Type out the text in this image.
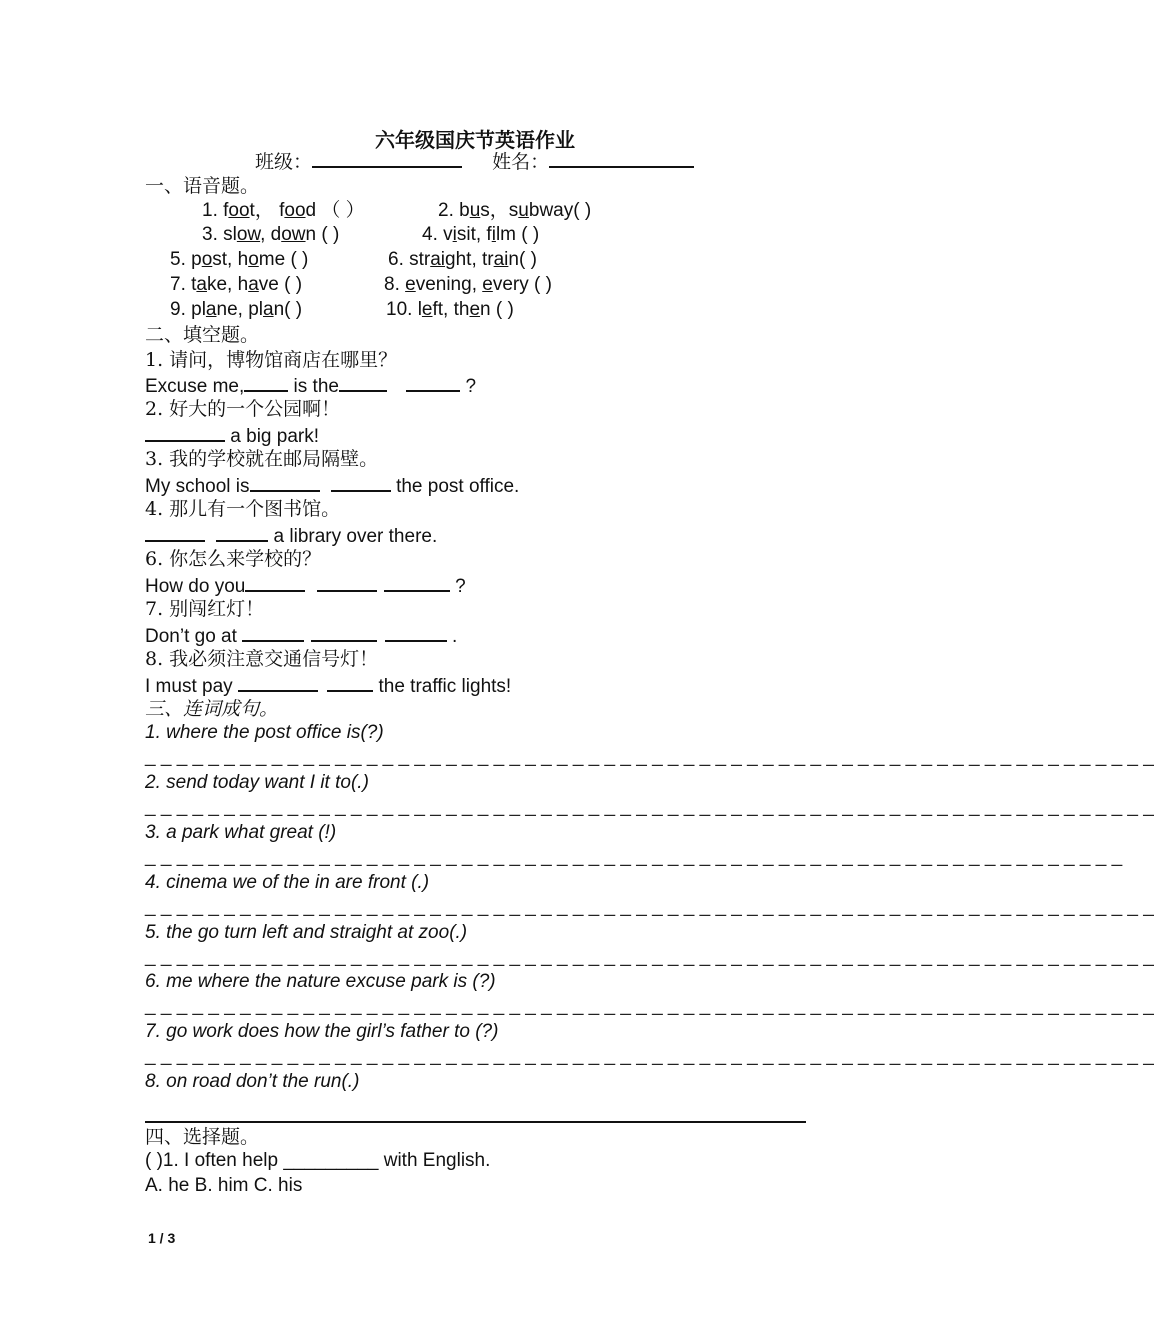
六年级国庆节英语作业
班级：	姓名：
一、语音题。
1. foot， food （ ）	2. bus，subway( )
3. slow, down ( )	4. visit, film ( )
5. post, home ( )	6. straight, train( )
7. take, have ( )	8. evening, every ( )
9. plane, plan( )	10. left, then ( )
二、填空题。
1. 请问，博物馆商店在哪里？
Excuse me, is the	?
2. 好大的一个公园啊！
a big park!
3. 我的学校就在邮局隔壁。
My school is	the post office.
4. 那儿有一个图书馆。
a library over there.
6. 你怎么来学校的？
How do you	?
7. 别闯红灯！
Don’t go at	.
8. 我必须注意交通信号灯！
I must pay	the traffic lights!
三、连词成句。
1. where the post office is(?)
_ _ _ _ _ _ _ _ _ _ _ _ _ _ _ _ _ _ _ _ _ _ _ _ _ _ _ _ _ _ _ _ _ _ _ _ _ _ _ _ _ _ _ _ _ _ _ _ _ _ _ _ _ _ _ _ _ _ _ _ _ _ _ _
2. send today want I it to(.)
_ _ _ _ _ _ _ _ _ _ _ _ _ _ _ _ _ _ _ _ _ _ _ _ _ _ _ _ _ _ _ _ _ _ _ _ _ _ _ _ _ _ _ _ _ _ _ _ _ _ _ _ _ _ _ _ _ _ _ _ _ _ _ _
3. a park what great (!)
_ _ _ _ _ _ _ _ _ _ _ _ _ _ _ _ _ _ _ _ _ _ _ _ _ _ _ _ _ _ _ _ _ _ _ _ _ _ _ _ _ _ _ _ _ _ _ _ _ _ _ _ _ _ _ _ _ _ _ _ _ _
4. cinema we of the in are front (.)
_ _ _ _ _ _ _ _ _ _ _ _ _ _ _ _ _ _ _ _ _ _ _ _ _ _ _ _ _ _ _ _ _ _ _ _ _ _ _ _ _ _ _ _ _ _ _ _ _ _ _ _ _ _ _ _ _ _ _ _ _ _ _ _
5. the go turn left and straight at zoo(.)
_ _ _ _ _ _ _ _ _ _ _ _ _ _ _ _ _ _ _ _ _ _ _ _ _ _ _ _ _ _ _ _ _ _ _ _ _ _ _ _ _ _ _ _ _ _ _ _ _ _ _ _ _ _ _ _ _ _ _ _ _ _ _ _
6. me where the nature excuse park is (?)
_ _ _ _ _ _ _ _ _ _ _ _ _ _ _ _ _ _ _ _ _ _ _ _ _ _ _ _ _ _ _ _ _ _ _ _ _ _ _ _ _ _ _ _ _ _ _ _ _ _ _ _ _ _ _ _ _ _ _ _ _ _ _ _
7. go work does how the girl’s father to (?)
_ _ _ _ _ _ _ _ _ _ _ _ _ _ _ _ _ _ _ _ _ _ _ _ _ _ _ _ _ _ _ _ _ _ _ _ _ _ _ _ _ _ _ _ _ _ _ _ _ _ _ _ _ _ _ _ _ _ _ _ _ _ _ _
8. on road don’t the run(.)
四、选择题。
( )1. I often help _________ with English.
A. he B. him C. his
1 / 3
